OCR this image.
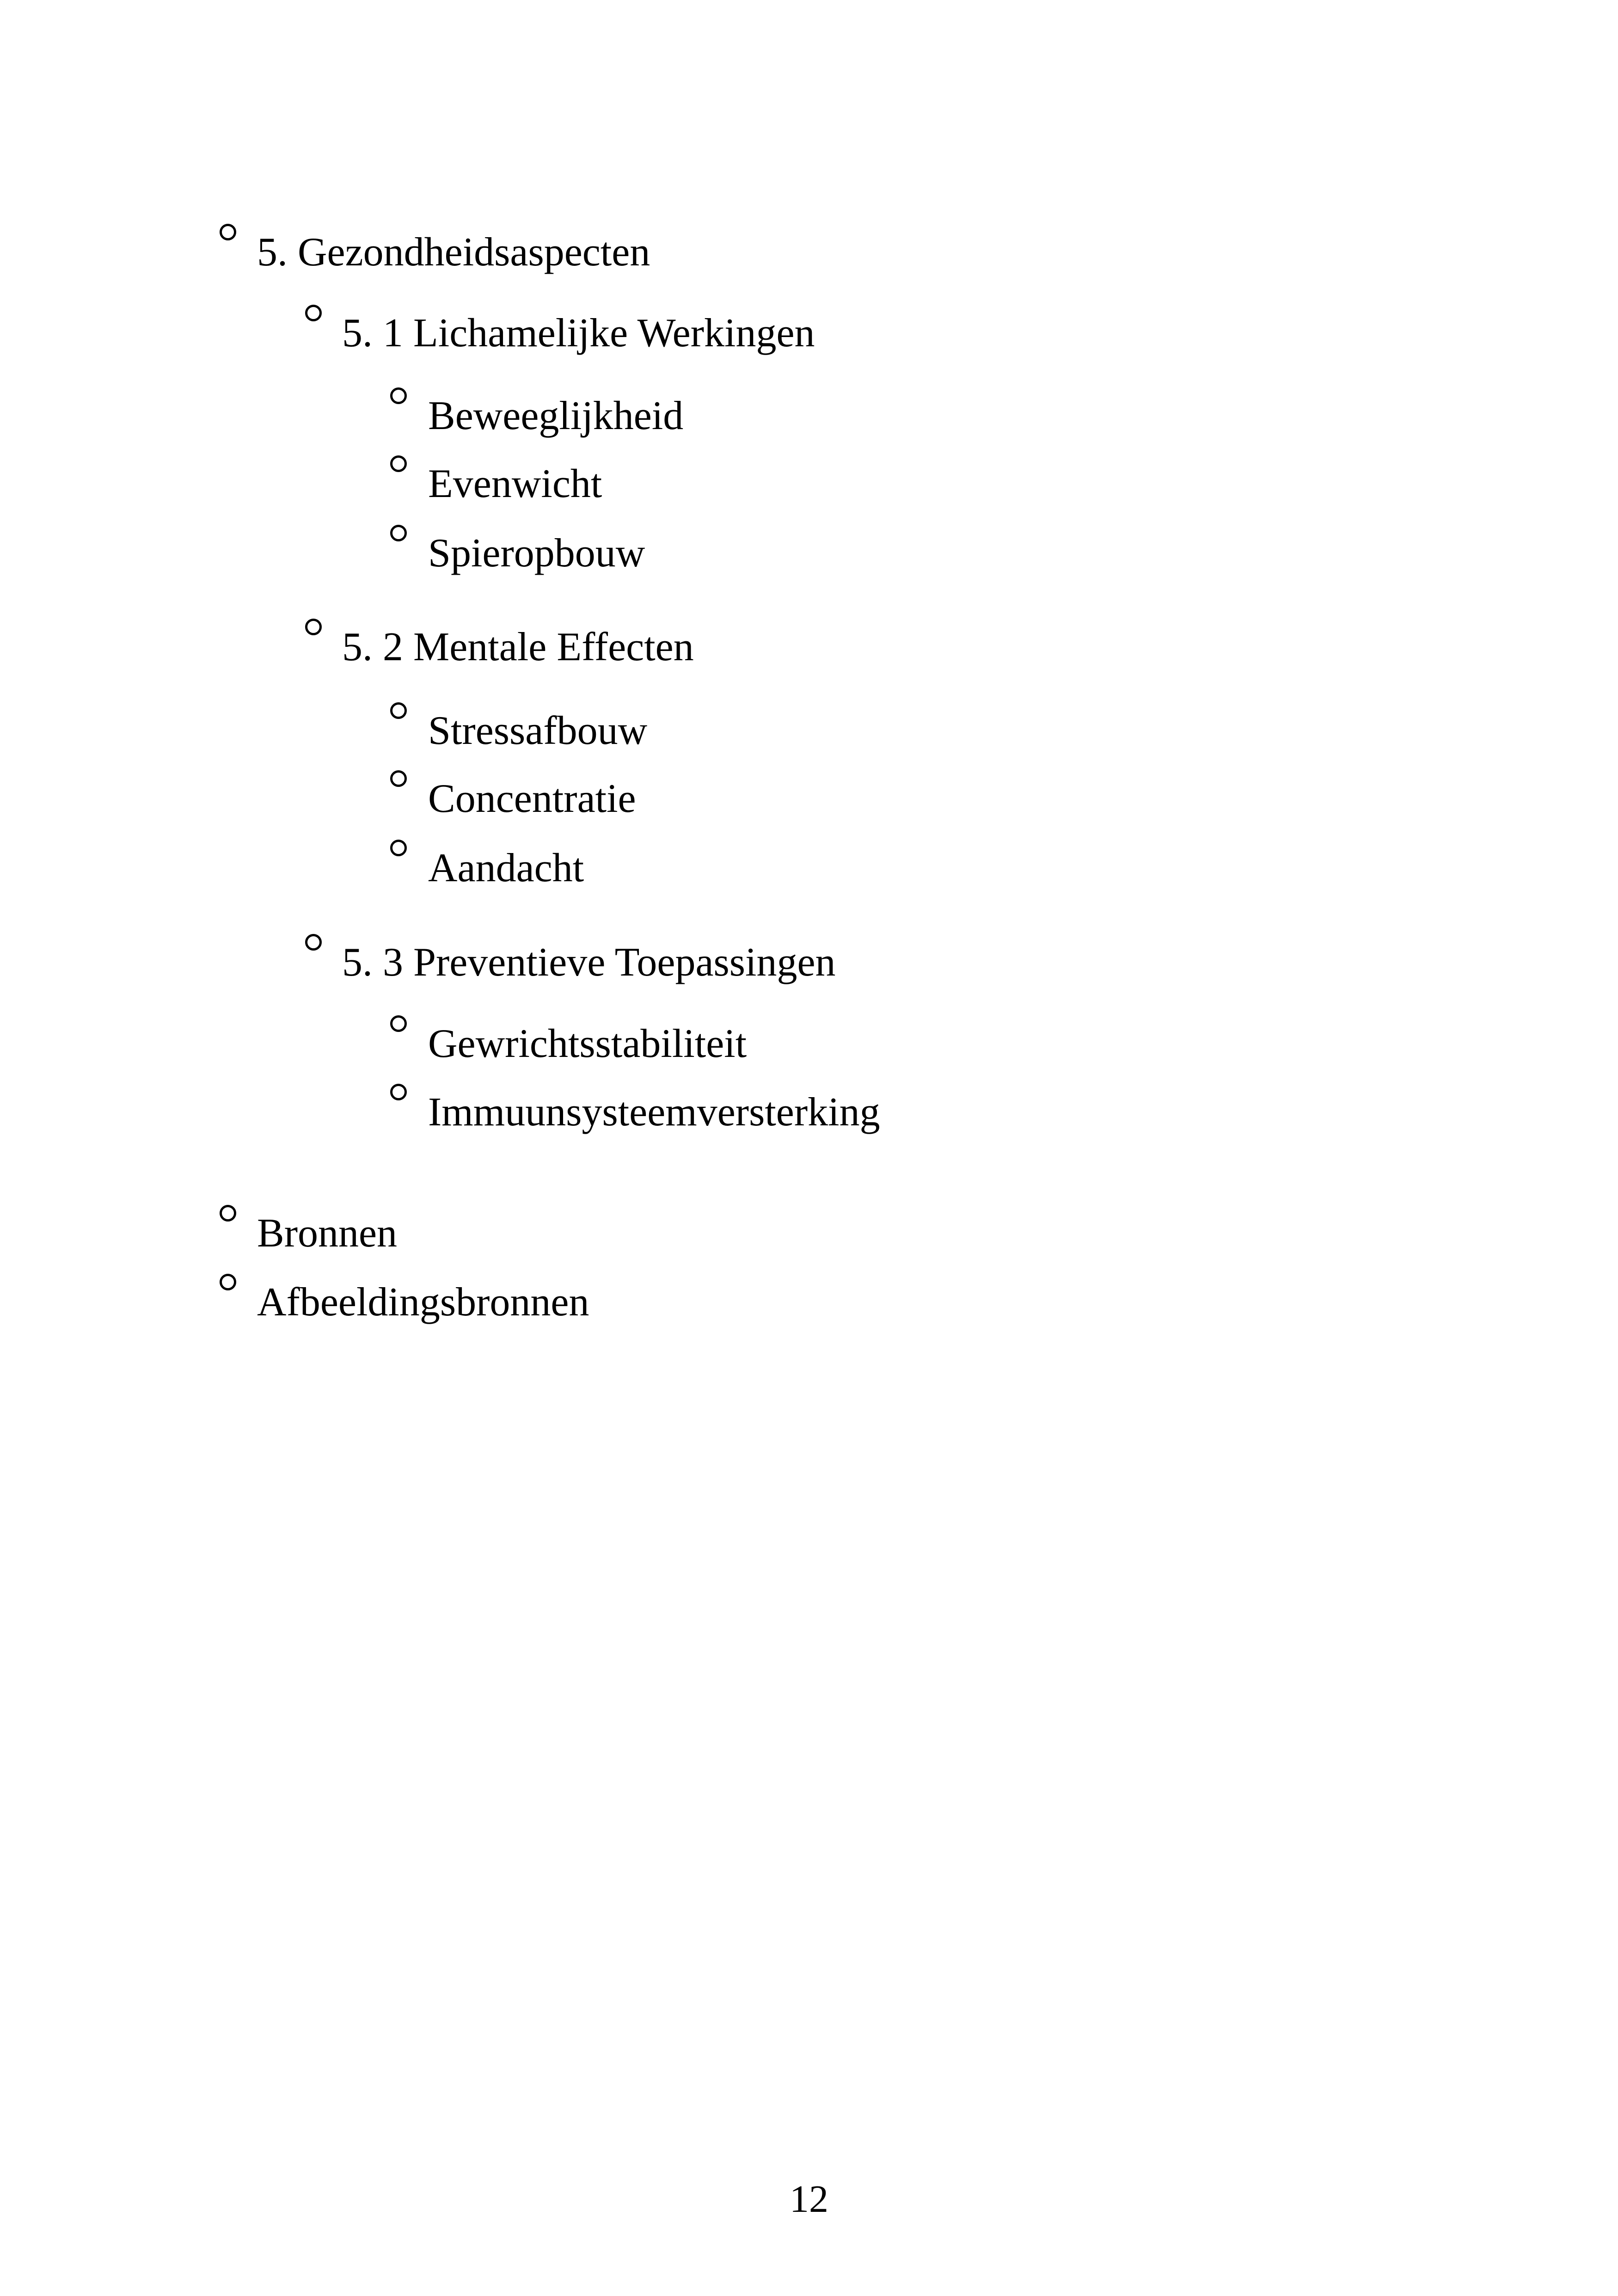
5. Gezondheidsaspecten
5. 1 Lichamelijke Werkingen
Beweeglijkheid
Evenwicht
Spieropbouw
5. 2 Mentale Effecten
Stressafbouw
Concentratie
Aandacht
5. 3 Preventieve Toepassingen
Gewrichtsstabiliteit
Immuunsysteemversterking
Bronnen
Afbeeldingsbronnen
12
